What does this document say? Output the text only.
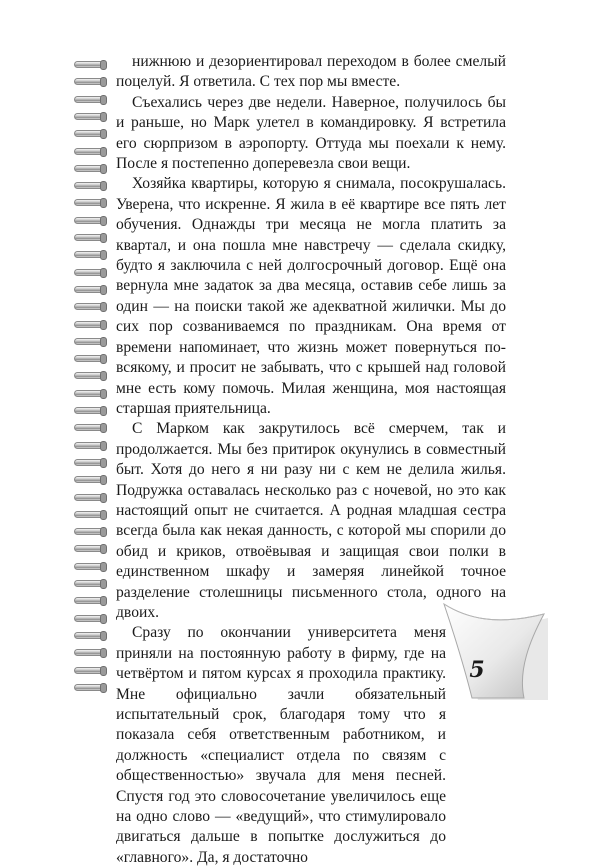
нижнюю и дезориентировал переходом в более смелый поцелуй. Я ответила. С тех пор мы вместе.

Съехались через две недели. Наверное, получилось бы и раньше, но Марк улетел в командировку. Я встретила его сюрпризом в аэропорту. Оттуда мы поехали к нему. После я постепенно доперевезла свои вещи.

Хозяйка квартиры, которую я снимала, посокрушалась. Уверена, что искренне. Я жила в её квартире все пять лет обучения. Однажды три месяца не могла платить за квартал, и она пошла мне навстречу — сделала скидку, будто я заключила с ней долгосрочный договор. Ещё она вернула мне задаток за два месяца, оставив себе лишь за один — на поиски такой же адекватной жилички. Мы до сих пор созваниваемся по праздникам. Она время от времени напоминает, что жизнь может повернуться по-всякому, и просит не забывать, что с крышей над головой мне есть кому помочь. Милая женщина, моя настоящая старшая приятельница.

С Марком как закрутилось всё смерчем, так и продолжается. Мы без притирок окунулись в совместный быт. Хотя до него я ни разу ни с кем не делила жилья. Подружка оставалась несколько раз с ночевой, но это как настоящий опыт не считается. А родная младшая сестра всегда была как некая данность, с которой мы спорили до обид и криков, отвоёвывая и защищая свои полки в единственном шкафу и замеряя линейкой точное разделение столешницы письменного стола, одного на двоих.

Сразу по окончании университета меня приняли на постоянную работу в фирму, где на четвёртом и пятом курсах я проходила практику. Мне официально зачли обязательный испытательный срок, благодаря тому что я показала себя ответственным работником, и должность «специалист отдела по связям с общественностью» звучала для меня песней. Спустя год это словосочетание увеличилось еще на одно слово — «ведущий», что стимулировало двигаться дальше в попытке дослужиться до «главного». Да, я достаточно

5
